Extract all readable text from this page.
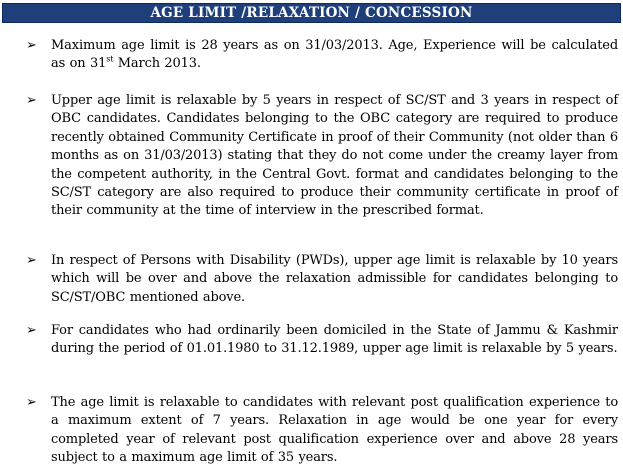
AGE LIMIT /RELAXATION / CONCESSION
➢	Maximum age limit is 28 years as on 31/03/2013. Age, Experience will be calculated as on 31st March 2013.
➢	Upper age limit is relaxable by 5 years in respect of SC/ST and 3 years in respect of OBC candidates. Candidates belonging to the OBC category are required to produce recently obtained Community Certificate in proof of their Community (not older than 6 months as on 31/03/2013) stating that they do not come under the creamy layer from the competent authority, in the Central Govt. format and candidates belonging to the SC/ST category are also required to produce their community certificate in proof of their community at the time of interview in the prescribed format.
➢	In respect of Persons with Disability (PWDs), upper age limit is relaxable by 10 years which will be over and above the relaxation admissible for candidates belonging to SC/ST/OBC mentioned above.
➢	For candidates who had ordinarily been domiciled in the State of Jammu & Kashmir during the period of 01.01.1980 to 31.12.1989, upper age limit is relaxable by 5 years.
➢	The age limit is relaxable to candidates with relevant post qualification experience to a maximum extent of 7 years. Relaxation in age would be one year for every completed year of relevant post qualification experience over and above 28 years subject to a maximum age limit of 35 years.
